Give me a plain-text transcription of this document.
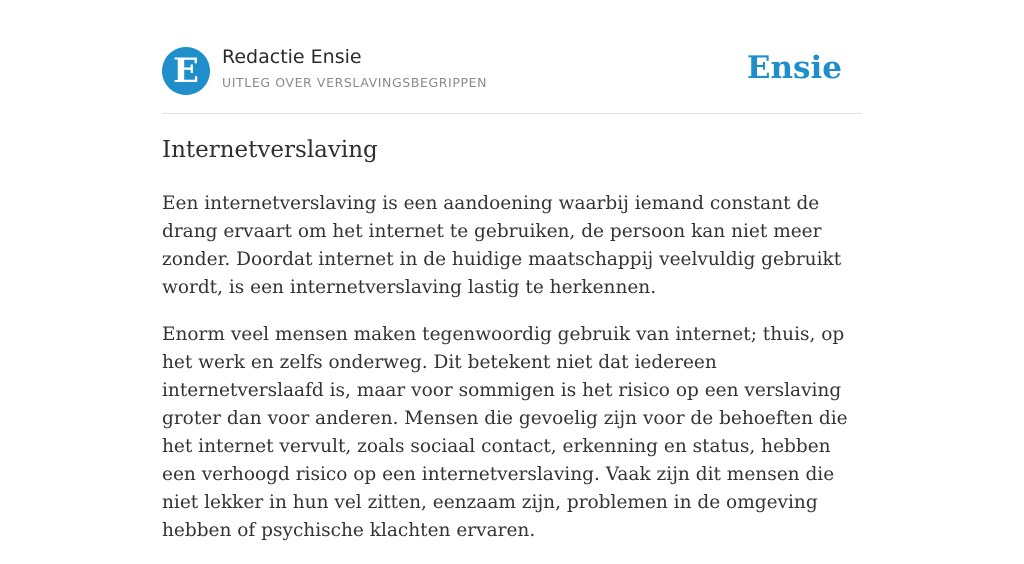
E	Redactie Ensie
UITLEG OVER VERSLAVINGSBEGRIPPEN	Ensie
Internetverslaving

Een internetverslaving is een aandoening waarbij iemand constant de drang ervaart om het internet te gebruiken, de persoon kan niet meer zonder. Doordat internet in de huidige maatschappij veelvuldig gebruikt wordt, is een internetverslaving lastig te herkennen.

Enorm veel mensen maken tegenwoordig gebruik van internet; thuis, op het werk en zelfs onderweg. Dit betekent niet dat iedereen internetverslaafd is, maar voor sommigen is het risico op een verslaving groter dan voor anderen. Mensen die gevoelig zijn voor de behoeften die het internet vervult, zoals sociaal contact, erkenning en status, hebben een verhoogd risico op een internetverslaving. Vaak zijn dit mensen die niet lekker in hun vel zitten, eenzaam zijn, problemen in de omgeving hebben of psychische klachten ervaren.
